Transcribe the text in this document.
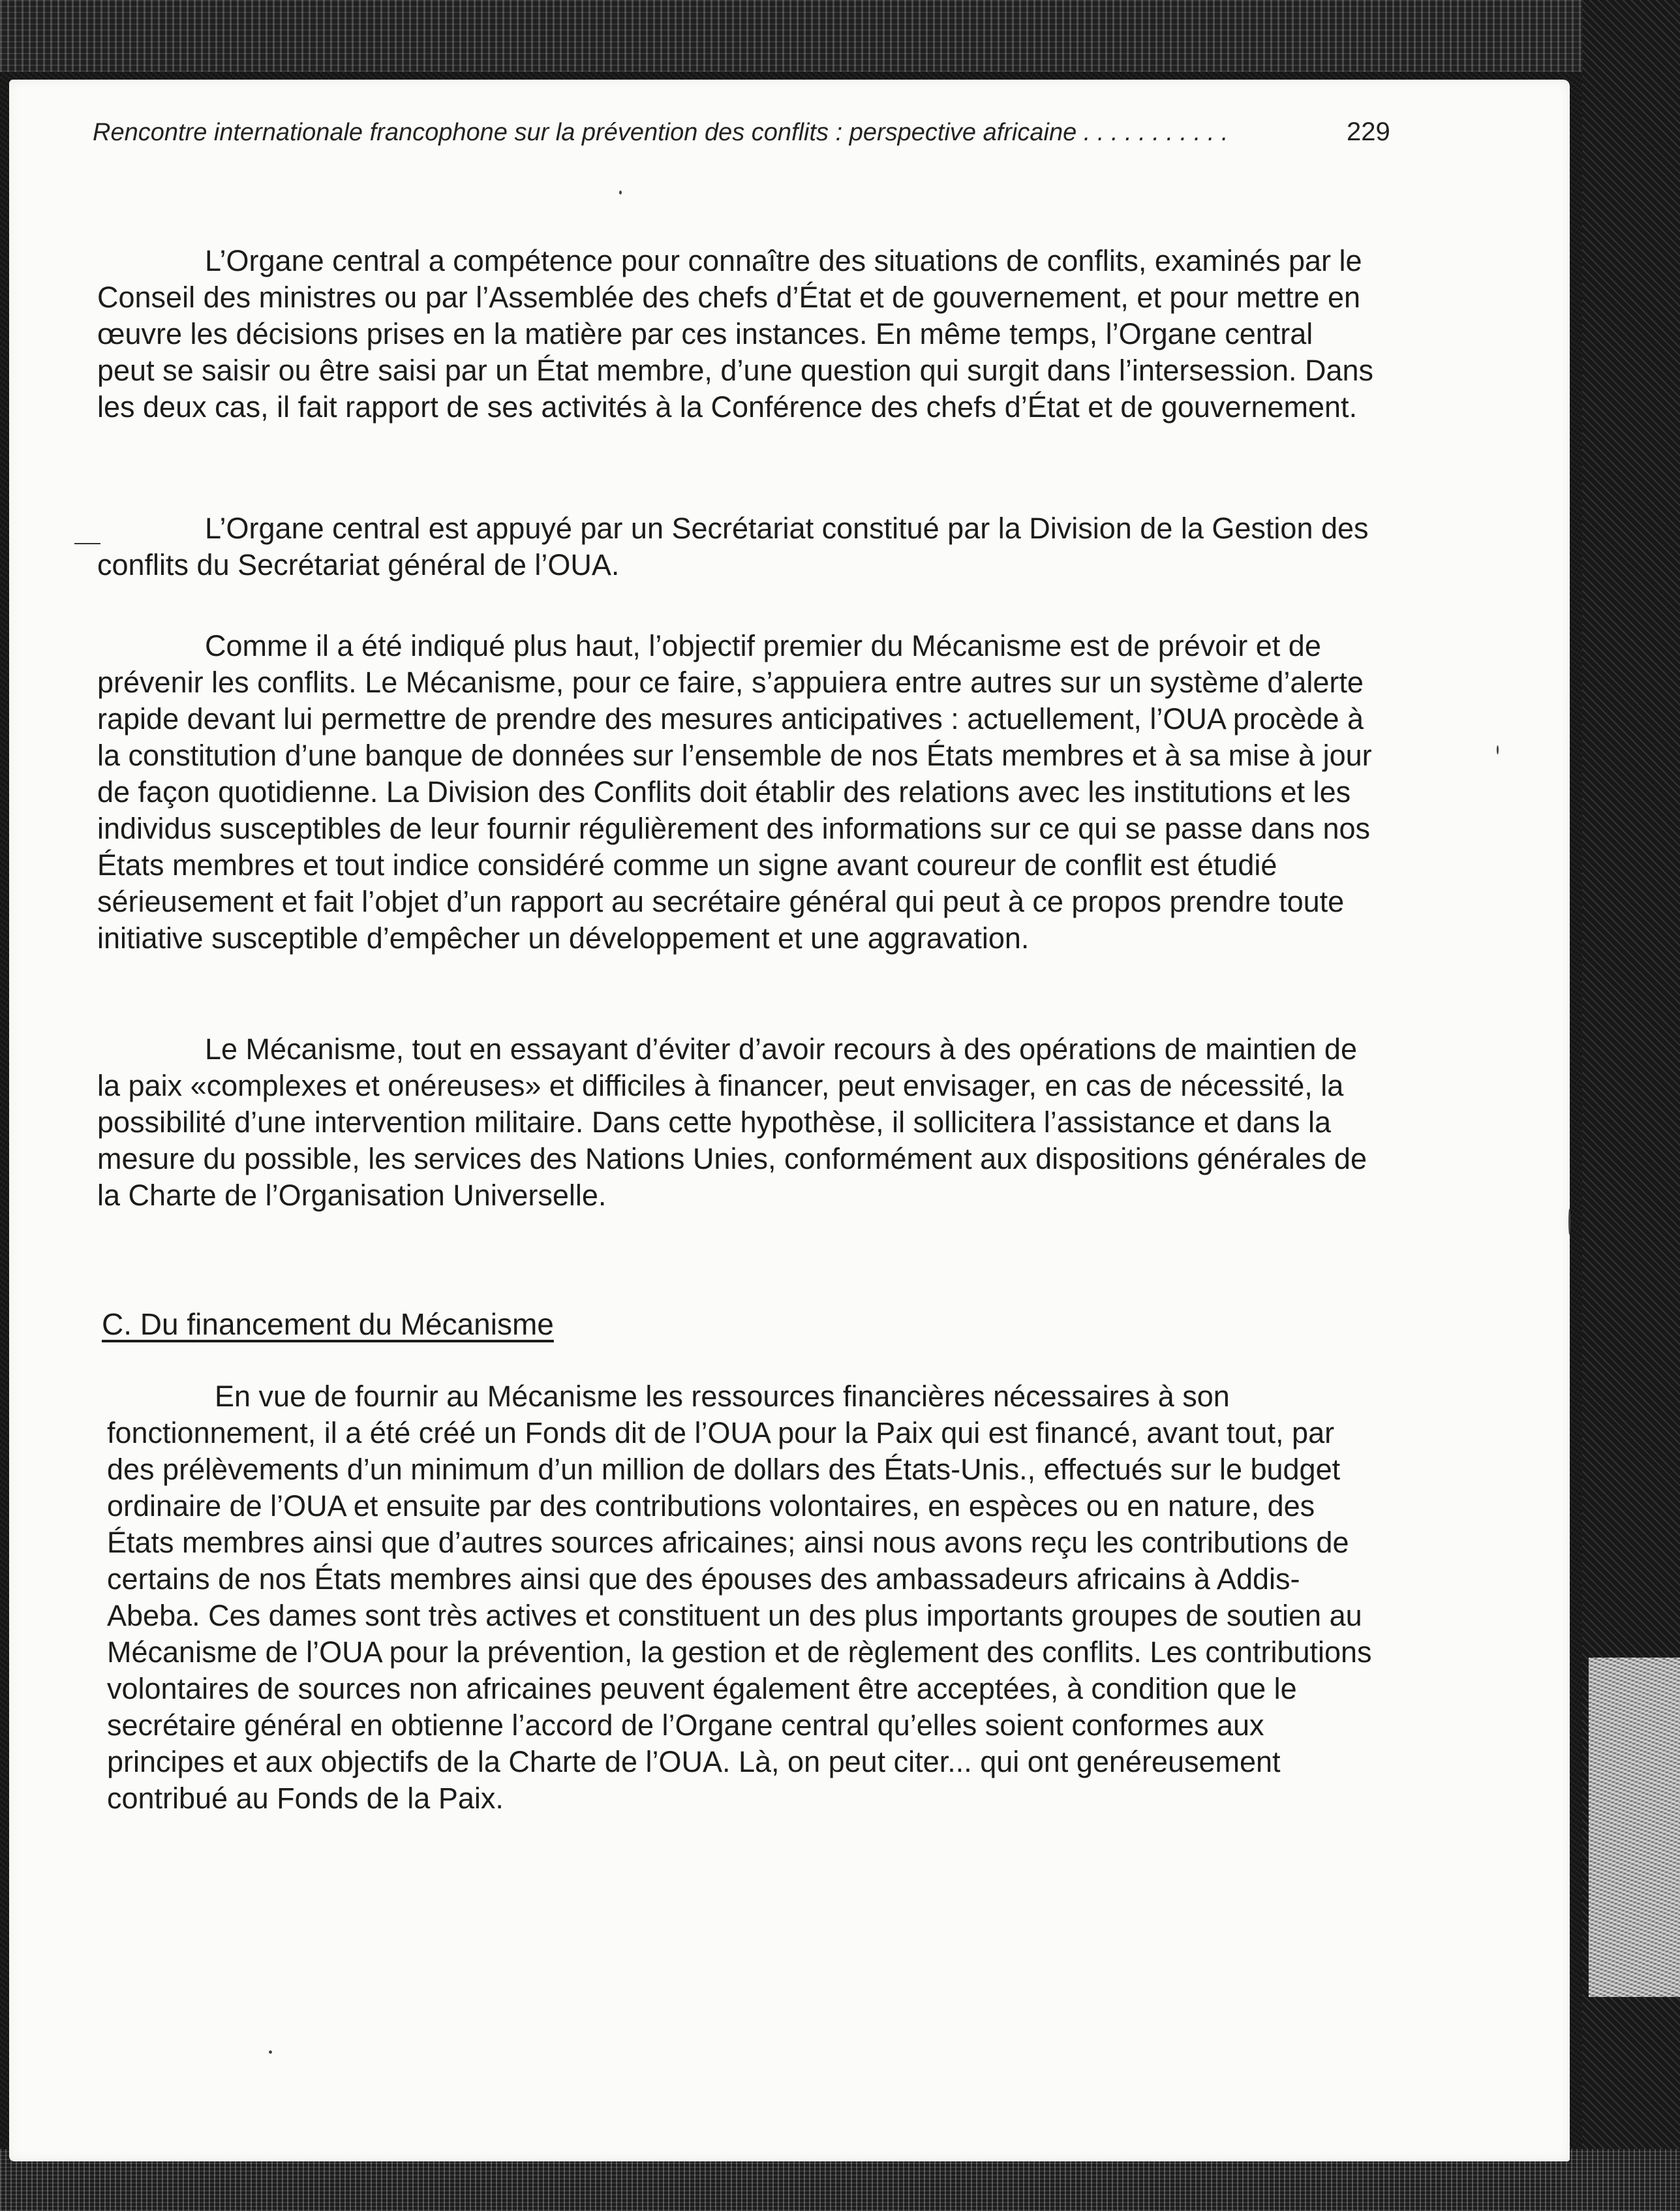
Rencontre internationale francophone sur la prévention des conflits : perspective africaine . . . . . . . . . . .	229

L’Organe central a compétence pour connaître des situations de conflits, examinés par le Conseil des ministres ou par l’Assemblée des chefs d’État et de gouvernement, et pour mettre en œuvre les décisions prises en la matière par ces instances. En même temps, l’Organe central peut se saisir ou être saisi par un État membre, d’une question qui surgit dans l’intersession. Dans les deux cas, il fait rapport de ses activités à la Conférence des chefs d’État et de gouvernement.

L’Organe central est appuyé par un Secrétariat constitué par la Division de la Gestion des conflits du Secrétariat général de l’OUA.

Comme il a été indiqué plus haut, l’objectif premier du Mécanisme est de prévoir et de prévenir les conflits. Le Mécanisme, pour ce faire, s’appuiera entre autres sur un système d’alerte rapide devant lui permettre de prendre des mesures anticipatives : actuellement, l’OUA procède à la constitution d’une banque de données sur l’ensemble de nos États membres et à sa mise à jour de façon quotidienne. La Division des Conflits doit établir des relations avec les institutions et les individus susceptibles de leur fournir régulièrement des informations sur ce qui se passe dans nos États membres et tout indice considéré comme un signe avant coureur de conflit est étudié sérieusement et fait l’objet d’un rapport au secrétaire général qui peut à ce propos prendre toute initiative susceptible d’empêcher un développement et une aggravation.

Le Mécanisme, tout en essayant d’éviter d’avoir recours à des opérations de maintien de la paix «complexes et onéreuses» et difficiles à financer, peut envisager, en cas de nécessité, la possibilité d’une intervention militaire. Dans cette hypothèse, il sollicitera l’assistance et dans la mesure du possible, les services des Nations Unies, conformément aux dispositions générales de la Charte de l’Organisation Universelle.

C. Du financement du Mécanisme

En vue de fournir au Mécanisme les ressources financières nécessaires à son fonctionnement, il a été créé un Fonds dit de l’OUA pour la Paix qui est financé, avant tout, par des prélèvements d’un minimum d’un million de dollars des États-Unis., effectués sur le budget ordinaire de l’OUA et ensuite par des contributions volontaires, en espèces ou en nature, des États membres ainsi que d’autres sources africaines; ainsi nous avons reçu les contributions de certains de nos États membres ainsi que des épouses des ambassadeurs africains à Addis-Abeba. Ces dames sont très actives et constituent un des plus importants groupes de soutien au Mécanisme de l’OUA pour la prévention, la gestion et de règlement des conflits. Les contributions volontaires de sources non africaines peuvent également être acceptées, à condition que le secrétaire général en obtienne l’accord de l’Organe central qu’elles soient conformes aux principes et aux objectifs de la Charte de l’OUA. Là, on peut citer... qui ont genéreusement contribué au Fonds de la Paix.
